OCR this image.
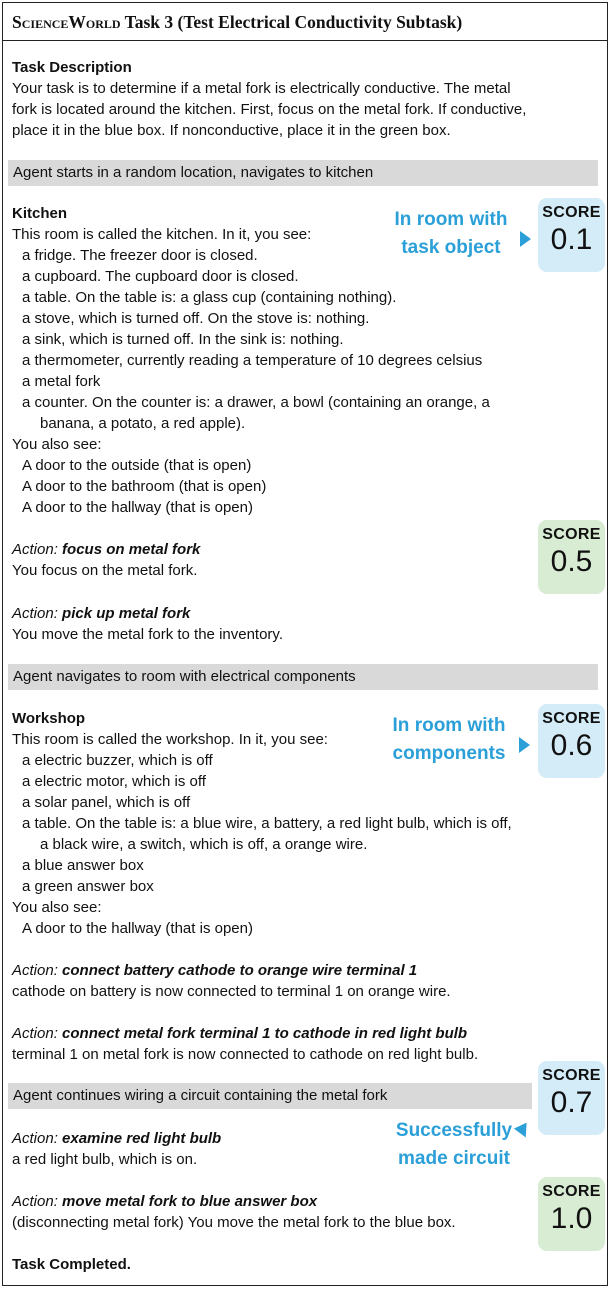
ScienceWorld Task 3 (Test Electrical Conductivity Subtask)
Task Description
Your task is to determine if a metal fork is electrically conductive. The metal
fork is located around the kitchen. First, focus on the metal fork. If conductive,
place it in the blue box. If nonconductive, place it in the green box.
Agent starts in a random location, navigates to kitchen
Kitchen
This room is called the kitchen. In it, you see:
a fridge. The freezer door is closed.
a cupboard. The cupboard door is closed.
a table. On the table is: a glass cup (containing nothing).
a stove, which is turned off. On the stove is: nothing.
a sink, which is turned off. In the sink is: nothing.
a thermometer, currently reading a temperature of 10 degrees celsius
a metal fork
a counter. On the counter is: a drawer, a bowl (containing an orange, a
banana, a potato, a red apple).
You also see:
A door to the outside (that is open)
A door to the bathroom (that is open)
A door to the hallway (that is open)
In room with
task object
SCORE
0.1
Action: focus on metal fork
You focus on the metal fork.
SCORE
0.5
Action: pick up metal fork
You move the metal fork to the inventory.
Agent navigates to room with electrical components
Workshop
This room is called the workshop. In it, you see:
a electric buzzer, which is off
a electric motor, which is off
a solar panel, which is off
a table. On the table is: a blue wire, a battery, a red light bulb, which is off,
a black wire, a switch, which is off, a orange wire.
a blue answer box
a green answer box
You also see:
A door to the hallway (that is open)
In room with
components
SCORE
0.6
Action: connect battery cathode to orange wire terminal 1
cathode on battery is now connected to terminal 1 on orange wire.
Action: connect metal fork terminal 1 to cathode in red light bulb
terminal 1 on metal fork is now connected to cathode on red light bulb.
Agent continues wiring a circuit containing the metal fork
SCORE
0.7
Action: examine red light bulb
a red light bulb, which is on.
Successfully
made circuit
Action: move metal fork to blue answer box
(disconnecting metal fork) You move the metal fork to the blue box.
SCORE
1.0
Task Completed.
